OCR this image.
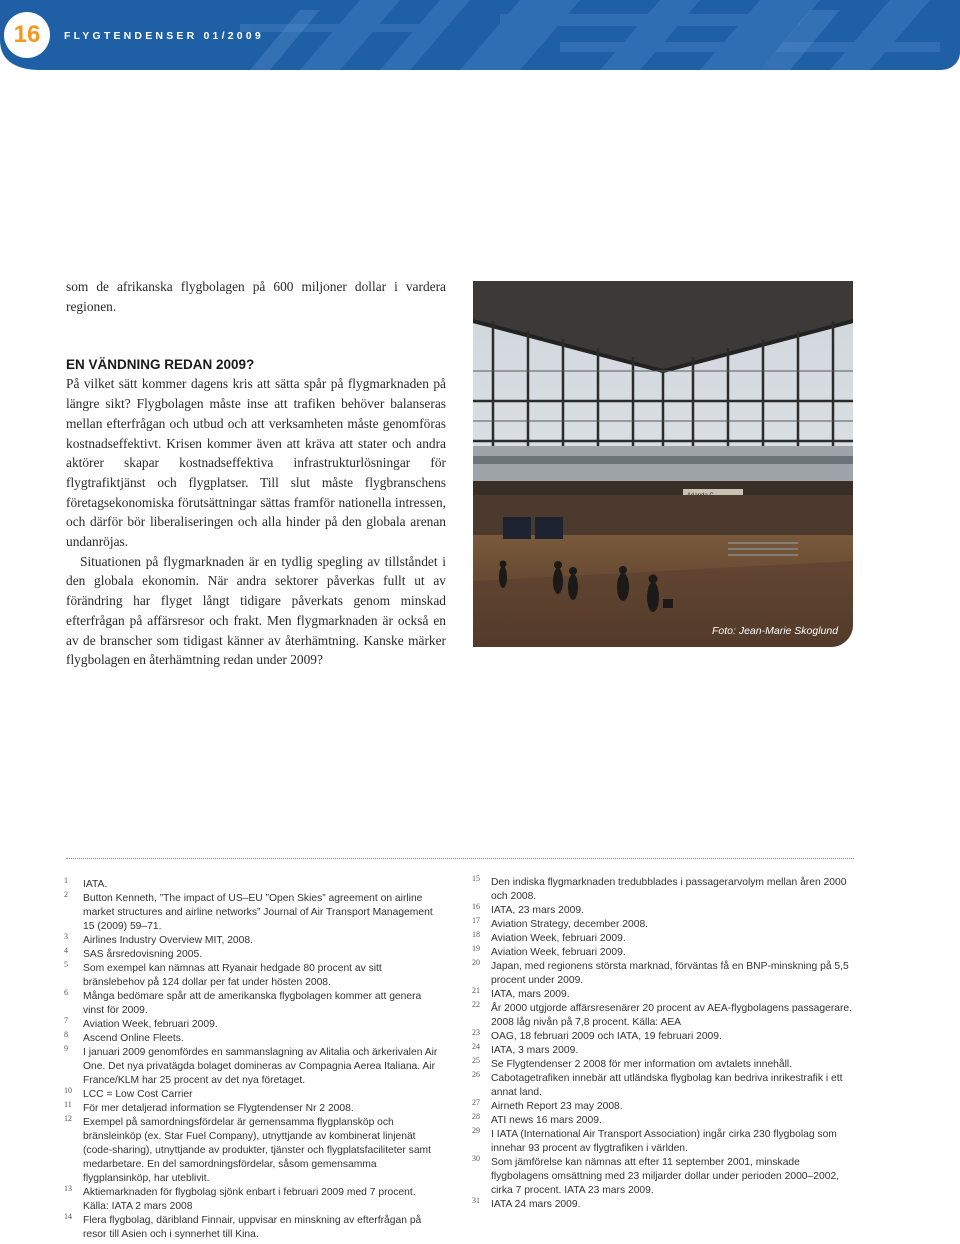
16	FLYGTENDENSER 01/2009

som de afrikanska flygbolagen på 600 miljoner dollar i vardera regionen.

EN VÄNDNING REDAN 2009?

På vilket sätt kommer dagens kris att sätta spår på flygmarknaden på längre sikt? Flygbolagen måste inse att trafiken behöver balanseras mellan efterfrågan och utbud och att verksamheten måste genomföras kostnadseffektivt. Krisen kommer även att kräva att stater och andra aktörer skapar kostnadseffektiva infrastrukturlösningar för flygtrafiktjänst och flygplatser. Till slut måste flygbranschens företagsekonomiska förutsättningar sättas framför nationella intressen, och därför bör liberaliseringen och alla hinder på den globala arenan undanröjas.

Situationen på flygmarknaden är en tydlig spegling av tillståndet i den globala ekonomin. När andra sektorer påverkas fullt ut av förändring har flyget långt tidigare påverkats genom minskad efterfrågan på affärsresor och frakt. Men flygmarknaden är också en av de branscher som tidigast känner av återhämtning. Kanske märker flygbolagen en återhämtning redan under 2009?

Foto: Jean-Marie Skoglund
1 IATA.
2 Button Kenneth, ”The impact of US–EU ”Open Skies” agreement on airline market structures and airline networks” Journal of Air Transport Management 15 (2009) 59–71.
3 Airlines Industry Overview MIT, 2008.
4 SAS årsredovisning 2005.
5 Som exempel kan nämnas att Ryanair hedgade 80 procent av sitt bränslebehov på 124 dollar per fat under hösten 2008.
6 Många bedömare spår att de amerikanska flygbolagen kommer att genera vinst för 2009.
7 Aviation Week, februari 2009.
8 Ascend Online Fleets.
9 I januari 2009 genomfördes en sammanslagning av Alitalia och ärkerivalen Air One. Det nya privatägda bolaget domineras av Compagnia Aerea Italiana. Air France/KLM har 25 procent av det nya företaget.
10 LCC = Low Cost Carrier
11 För mer detaljerad information se Flygtendenser Nr 2 2008.
12 Exempel på samordningsfördelar är gemensamma flygplansköp och bränsleinköp (ex. Star Fuel Company), utnyttjande av kombinerat linjenät (code-sharing), utnyttjande av produkter, tjänster och flygplatsfaciliteter samt medarbetare. En del samordningsfördelar, såsom gemensamma flygplansinköp, har uteblivit.
13 Aktiemarknaden för flygbolag sjönk enbart i februari 2009 med 7 procent. Källa: IATA 2 mars 2008
14 Flera flygbolag, däribland Finnair, uppvisar en minskning av efterfrågan på resor till Asien och i synnerhet till Kina.
15 Den indiska flygmarknaden tredubblades i passagerarvolym mellan åren 2000 och 2008.
16 IATA, 23 mars 2009.
17 Aviation Strategy, december 2008.
18 Aviation Week, februari 2009.
19 Aviation Week, februari 2009.
20 Japan, med regionens största marknad, förväntas få en BNP-minskning på 5,5 procent under 2009.
21 IATA, mars 2009.
22 År 2000 utgjorde affärsresenärer 20 procent av AEA-flygbolagens passagerare. 2008 låg nivån på 7,8 procent. Källa: AEA
23 OAG, 18 februari 2009 och IATA, 19 februari 2009.
24 IATA, 3 mars 2009.
25 Se Flygtendenser 2 2008 för mer information om avtalets innehåll.
26 Cabotagetrafiken innebär att utländska flygbolag kan bedriva inrikestrafik i ett annat land.
27 Airneth Report 23 may 2008.
28 ATI news 16 mars 2009.
29 I IATA (International Air Transport Association) ingår cirka 230 flygbolag som innehar 93 procent av flygtrafiken i världen.
30 Som jämförelse kan nämnas att efter 11 september 2001, minskade flygbolagens omsättning med 23 miljarder dollar under perioden 2000–2002, cirka 7 procent. IATA 23 mars 2009.
31 IATA 24 mars 2009.
